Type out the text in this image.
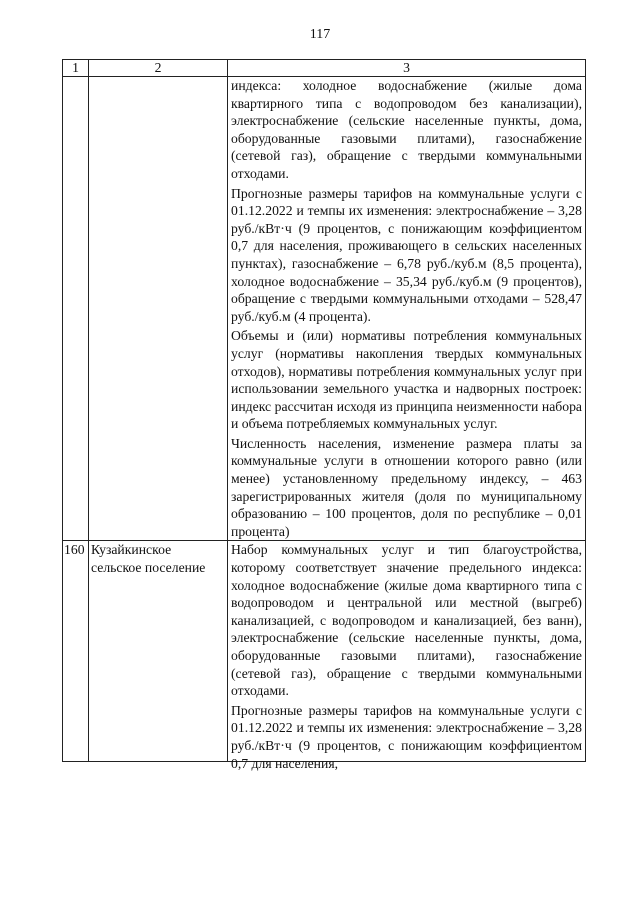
117
1	2	3

		индекса: холодное водоснабжение (жилые дома квартирного типа с водопроводом без канализации), электроснабжение (сельские населенные пункты, дома, оборудованные газовыми плитами), газоснабжение (сетевой газ), обращение с твердыми коммунальными отходами.
Прогнозные размеры тарифов на коммунальные услуги с 01.12.2022 и темпы их изменения: электроснабжение – 3,28 руб./кВт·ч (9 процентов, с понижающим коэффициентом 0,7 для населения, проживающего в сельских населенных пунктах), газоснабжение – 6,78 руб./куб.м (8,5 процента), холодное водоснабжение – 35,34 руб./куб.м (9 процентов), обращение с твердыми коммунальными отходами – 528,47 руб./куб.м (4 процента).
Объемы и (или) нормативы потребления коммунальных услуг (нормативы накопления твердых коммунальных отходов), нормативы потребления коммунальных услуг при использовании земельного участка и надворных построек: индекс рассчитан исходя из принципа неизменности набора и объема потребляемых коммунальных услуг.
Численность населения, изменение размера платы за коммунальные услуги в отношении которого равно (или менее) установленному предельному индексу, – 463 зарегистрированных жителя (доля по муниципальному образованию – 100 процентов, доля по республике – 0,01 процента)

160	Кузайкинское сельское поселение	Набор коммунальных услуг и тип благоустройства, которому соответствует значение предельного индекса: холодное водоснабжение (жилые дома квартирного типа с водопроводом и центральной или местной (выгреб) канализацией, с водопроводом и канализацией, без ванн), электроснабжение (сельские населенные пункты, дома, оборудованные газовыми плитами), газоснабжение (сетевой газ), обращение с твердыми коммунальными отходами.
Прогнозные размеры тарифов на коммунальные услуги с 01.12.2022 и темпы их изменения: электроснабжение – 3,28 руб./кВт·ч (9 процентов, с понижающим коэффициентом 0,7 для населения,
